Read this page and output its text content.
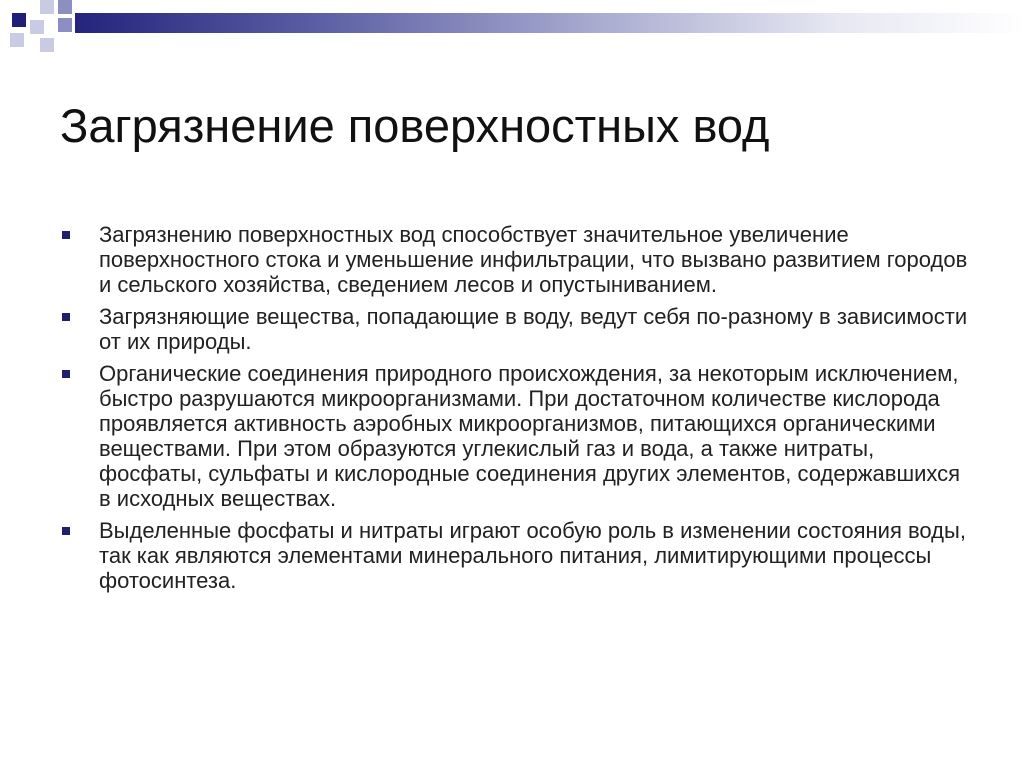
Загрязнение поверхностных вод
Загрязнению поверхностных вод способствует значительное увеличение поверхностного стока и уменьшение инфильтрации, что вызвано развитием городов и сельского хозяйства, сведением лесов и опустыниванием.
Загрязняющие вещества, попадающие в воду, ведут себя по-разному в зависимости от их природы.
Органические соединения природного происхождения, за некоторым исключением, быстро разрушаются микроорганизмами. При достаточном количестве кислорода проявляется активность аэробных микроорганизмов, питающихся органическими веществами. При этом образуются углекислый газ и вода, а также нитраты, фосфаты, сульфаты и кислородные соединения других элементов, содержавшихся в исходных веществах.
Выделенные фосфаты и нитраты играют особую роль в изменении состояния воды, так как являются элементами минерального питания, лимитирующими процессы фотосинтеза.
